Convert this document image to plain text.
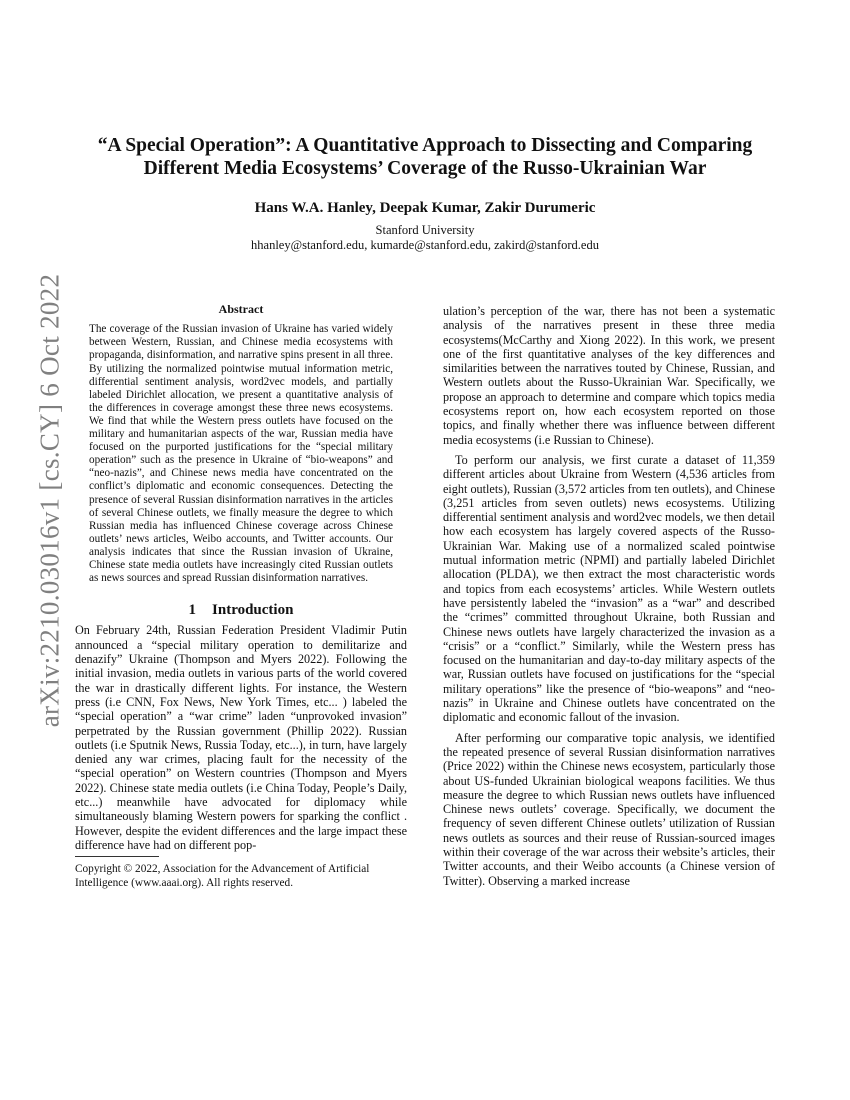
arXiv:2210.03016v1 [cs.CY] 6 Oct 2022
“A Special Operation”: A Quantitative Approach to Dissecting and Comparing Different Media Ecosystems’ Coverage of the Russo-Ukrainian War
Hans W.A. Hanley, Deepak Kumar, Zakir Durumeric
Stanford University
hhanley@stanford.edu, kumarde@stanford.edu, zakird@stanford.edu
Abstract
The coverage of the Russian invasion of Ukraine has varied widely between Western, Russian, and Chinese media ecosystems with propaganda, disinformation, and narrative spins present in all three. By utilizing the normalized pointwise mutual information metric, differential sentiment analysis, word2vec models, and partially labeled Dirichlet allocation, we present a quantitative analysis of the differences in coverage amongst these three news ecosystems. We find that while the Western press outlets have focused on the military and humanitarian aspects of the war, Russian media have focused on the purported justifications for the “special military operation” such as the presence in Ukraine of “bio-weapons” and “neo-nazis”, and Chinese news media have concentrated on the conflict’s diplomatic and economic consequences. Detecting the presence of several Russian disinformation narratives in the articles of several Chinese outlets, we finally measure the degree to which Russian media has influenced Chinese coverage across Chinese outlets’ news articles, Weibo accounts, and Twitter accounts. Our analysis indicates that since the Russian invasion of Ukraine, Chinese state media outlets have increasingly cited Russian outlets as news sources and spread Russian disinformation narratives.
1 Introduction

On February 24th, Russian Federation President Vladimir Putin announced a “special military operation to demilitarize and denazify” Ukraine (Thompson and Myers 2022). Following the initial invasion, media outlets in various parts of the world covered the war in drastically different lights. For instance, the Western press (i.e CNN, Fox News, New York Times, etc... ) labeled the “special operation” a “war crime” laden “unprovoked invasion” perpetrated by the Russian government (Phillip 2022). Russian outlets (i.e Sputnik News, Russia Today, etc...), in turn, have largely denied any war crimes, placing fault for the necessity of the “special operation” on Western countries (Thompson and Myers 2022). Chinese state media outlets (i.e China Today, People’s Daily, etc...) meanwhile have advocated for diplomacy while simultaneously blaming Western powers for sparking the conflict . However, despite the evident differences and the large impact these difference have had on different pop-

Copyright © 2022, Association for the Advancement of Artificial Intelligence (www.aaai.org). All rights reserved.

ulation’s perception of the war, there has not been a systematic analysis of the narratives present in these three media ecosystems(McCarthy and Xiong 2022). In this work, we present one of the first quantitative analyses of the key differences and similarities between the narratives touted by Chinese, Russian, and Western outlets about the Russo-Ukrainian War. Specifically, we propose an approach to determine and compare which topics media ecosystems report on, how each ecosystem reported on those topics, and finally whether there was influence between different media ecosystems (i.e Russian to Chinese).

To perform our analysis, we first curate a dataset of 11,359 different articles about Ukraine from Western (4,536 articles from eight outlets), Russian (3,572 articles from ten outlets), and Chinese (3,251 articles from seven outlets) news ecosystems. Utilizing differential sentiment analysis and word2vec models, we then detail how each ecosystem has largely covered aspects of the Russo-Ukrainian War. Making use of a normalized scaled pointwise mutual information metric (NPMI) and partially labeled Dirichlet allocation (PLDA), we then extract the most characteristic words and topics from each ecosystems’ articles. While Western outlets have persistently labeled the “invasion” as a “war” and described the “crimes” committed throughout Ukraine, both Russian and Chinese news outlets have largely characterized the invasion as a “crisis” or a “conflict.” Similarly, while the Western press has focused on the humanitarian and day-to-day military aspects of the war, Russian outlets have focused on justifications for the “special military operations” like the presence of “bio-weapons” and “neo-nazis” in Ukraine and Chinese outlets have concentrated on the diplomatic and economic fallout of the invasion.

After performing our comparative topic analysis, we identified the repeated presence of several Russian disinformation narratives (Price 2022) within the Chinese news ecosystem, particularly those about US-funded Ukrainian biological weapons facilities. We thus measure the degree to which Russian news outlets have influenced Chinese news outlets’ coverage. Specifically, we document the frequency of seven different Chinese outlets’ utilization of Russian news outlets as sources and their reuse of Russian-sourced images within their coverage of the war across their website’s articles, their Twitter accounts, and their Weibo accounts (a Chinese version of Twitter). Observing a marked increase
